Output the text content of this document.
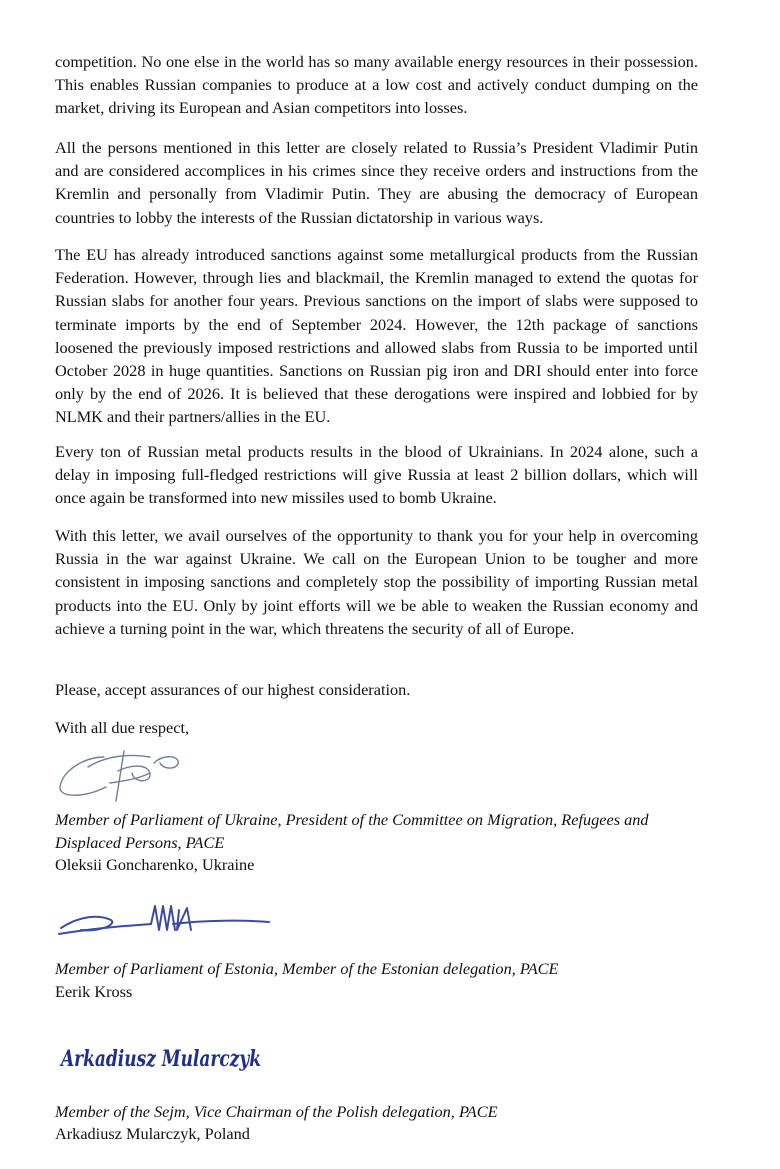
competition. No one else in the world has so many available energy resources in their possession. This enables Russian companies to produce at a low cost and actively conduct dumping on the market, driving its European and Asian competitors into losses.

All the persons mentioned in this letter are closely related to Russia’s President Vladimir Putin and are considered accomplices in his crimes since they receive orders and instructions from the Kremlin and personally from Vladimir Putin. They are abusing the democracy of European countries to lobby the interests of the Russian dictatorship in various ways.

The EU has already introduced sanctions against some metallurgical products from the Russian Federation. However, through lies and blackmail, the Kremlin managed to extend the quotas for Russian slabs for another four years. Previous sanctions on the import of slabs were supposed to terminate imports by the end of September 2024. However, the 12th package of sanctions loosened the previously imposed restrictions and allowed slabs from Russia to be imported until October 2028 in huge quantities. Sanctions on Russian pig iron and DRI should enter into force only by the end of 2026. It is believed that these derogations were inspired and lobbied for by NLMK and their partners/allies in the EU.

Every ton of Russian metal products results in the blood of Ukrainians. In 2024 alone, such a delay in imposing full-fledged restrictions will give Russia at least 2 billion dollars, which will once again be transformed into new missiles used to bomb Ukraine.

With this letter, we avail ourselves of the opportunity to thank you for your help in overcoming Russia in the war against Ukraine. We call on the European Union to be tougher and more consistent in imposing sanctions and completely stop the possibility of importing Russian metal products into the EU. Only by joint efforts will we be able to weaken the Russian economy and achieve a turning point in the war, which threatens the security of all of Europe.

Please, accept assurances of our highest consideration.

With all due respect,

Member of Parliament of Ukraine, President of the Committee on Migration, Refugees and Displaced Persons, PACE

Oleksii Goncharenko, Ukraine

Member of Parliament of Estonia, Member of the Estonian delegation, PACE

Eerik Kross

Arkadiusz Mularczyk

Member of the Sejm, Vice Chairman of the Polish delegation, PACE

Arkadiusz Mularczyk, Poland
